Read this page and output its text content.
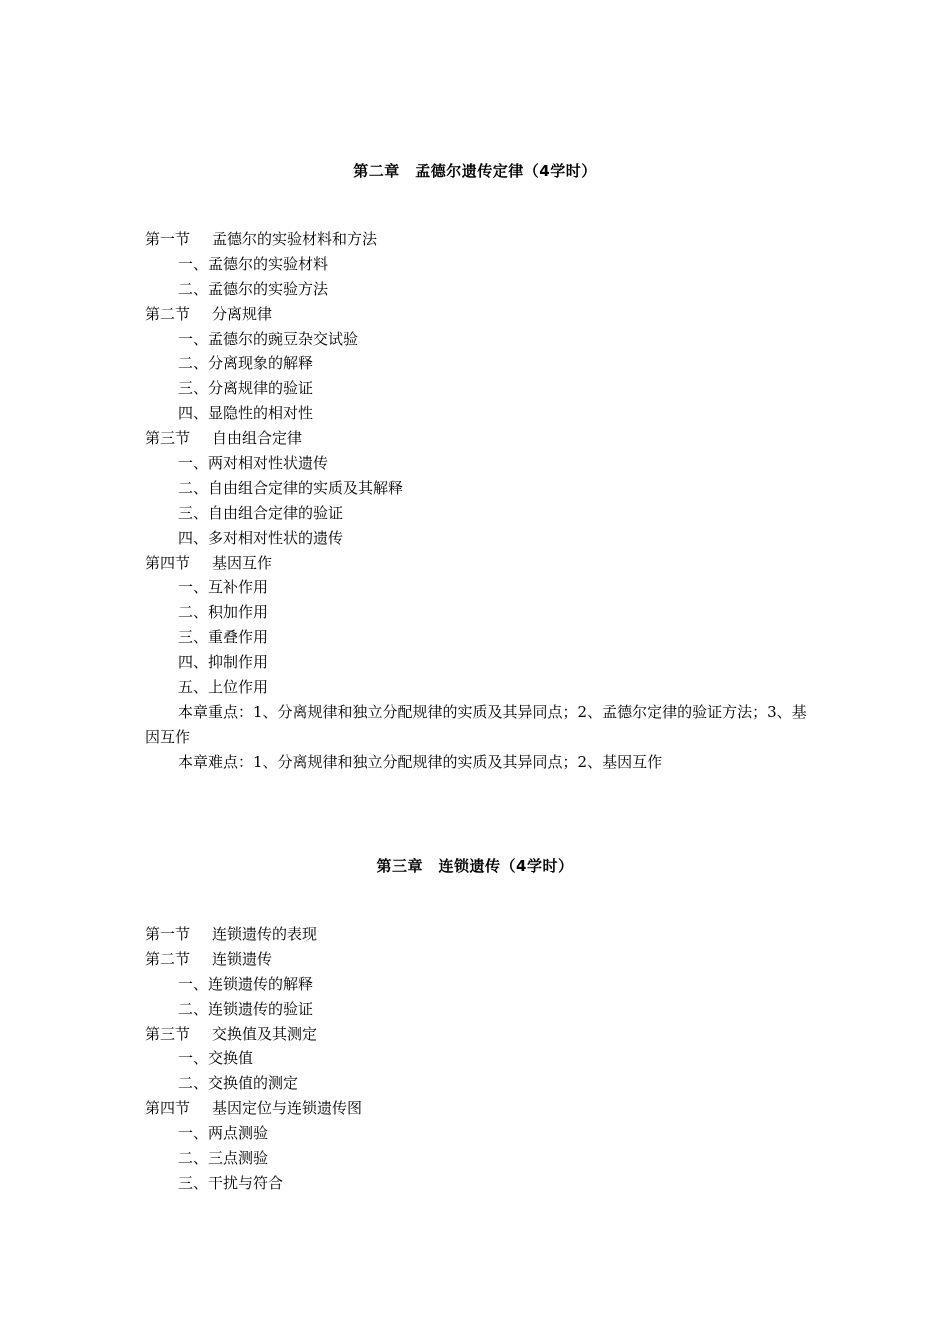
第二章　孟德尔遗传定律（4学时）
第一节 孟德尔的实验材料和方法
一、孟德尔的实验材料
二、孟德尔的实验方法
第二节 分离规律
一、孟德尔的豌豆杂交试验
二、分离现象的解释
三、分离规律的验证
四、显隐性的相对性
第三节 自由组合定律
一、两对相对性状遗传
二、自由组合定律的实质及其解释
三、自由组合定律的验证
四、多对相对性状的遗传
第四节 基因互作
一、互补作用
二、积加作用
三、重叠作用
四、抑制作用
五、上位作用
本章重点：1、分离规律和独立分配规律的实质及其异同点；2、孟德尔定律的验证方法；3、基因互作
本章难点：1、分离规律和独立分配规律的实质及其异同点；2、基因互作
第三章　连锁遗传（4学时）
第一节 连锁遗传的表现
第二节 连锁遗传
一、连锁遗传的解释
二、连锁遗传的验证
第三节 交换值及其测定
一、交换值
二、交换值的测定
第四节 基因定位与连锁遗传图
一、两点测验
二、三点测验
三、干扰与符合
